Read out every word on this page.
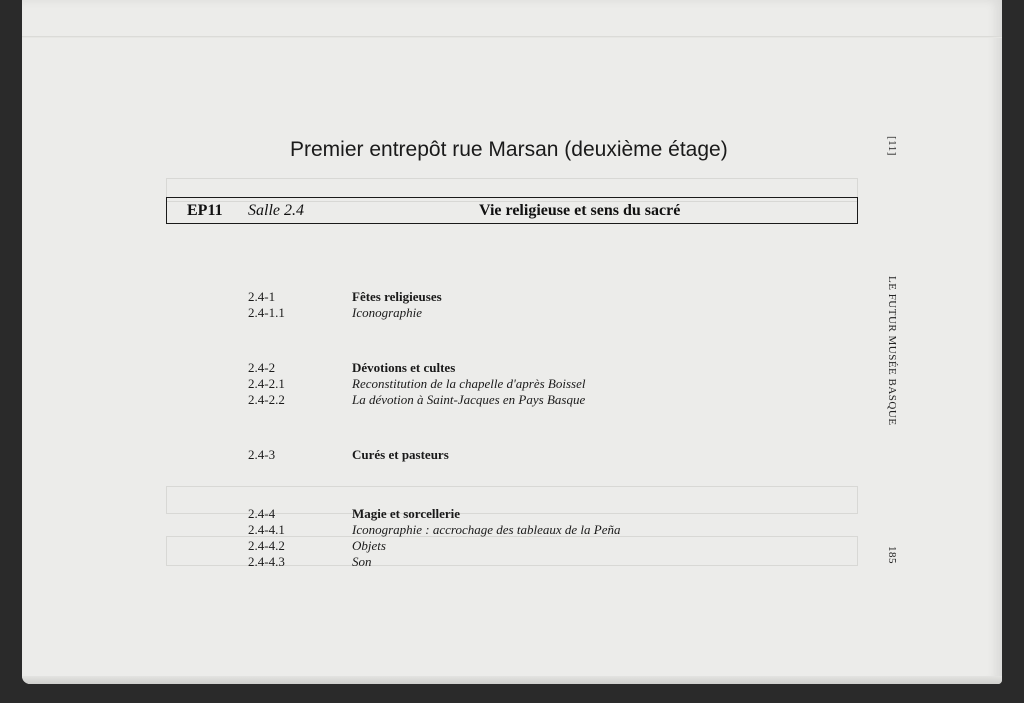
Premier entrepôt rue Marsan (deuxième étage)
EP11 Salle 2.4	Vie religieuse et sens du sacré
2.4-1	Fêtes religieuses
2.4-1.1	Iconographie
2.4-2	Dévotions et cultes
2.4-2.1	Reconstitution de la chapelle d'après Boissel
2.4-2.2	La dévotion à Saint-Jacques en Pays Basque
2.4-3	Curés et pasteurs
2.4-4	Magie et sorcellerie
2.4-4.1	Iconographie : accrochage des tableaux de la Peña
2.4-4.2	Objets
2.4-4.3	Son
[11]
LE FUTUR MUSÉE BASQUE
185
